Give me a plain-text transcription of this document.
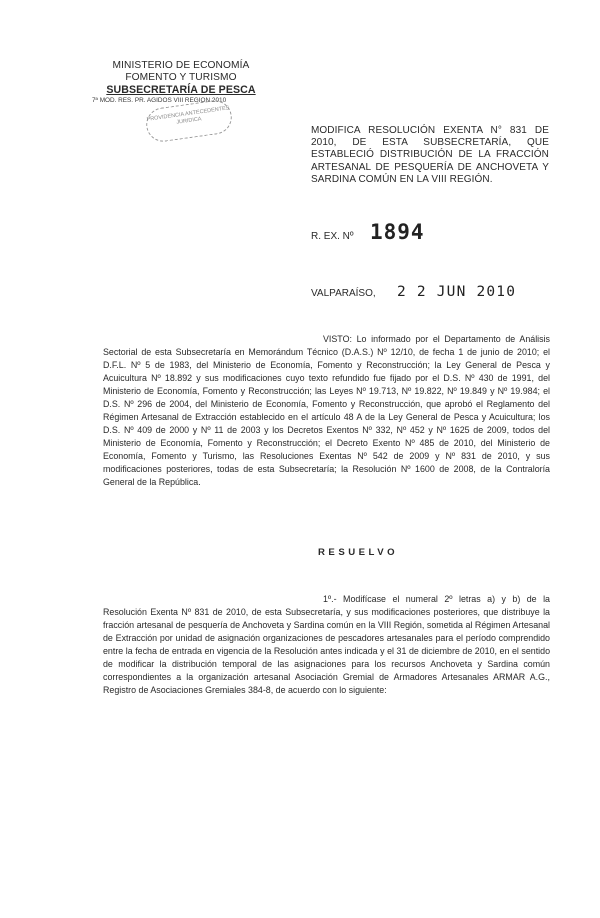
MINISTERIO DE ECONOMÍA
FOMENTO Y TURISMO
SUBSECRETARÍA DE PESCA
7ª MOD. RES. PR. AGIDOS VIII REGION 2010
PROVIDENCIA ANTECEDENTES JURIDICA
MODIFICA RESOLUCIÓN EXENTA N° 831 DE 2010, DE ESTA SUBSECRETARÍA, QUE ESTABLECIÓ DISTRIBUCIÓN DE LA FRACCIÓN ARTESANAL DE PESQUERÍA DE ANCHOVETA Y SARDINA COMÚN EN LA VIII REGIÓN.
R. EX. Nº 1894
VALPARAÍSO, 2 2 JUN 2010
VISTO: Lo informado por el Departamento de Análisis Sectorial de esta Subsecretaría en Memorándum Técnico (D.A.S.) Nº 12/10, de fecha 1 de junio de 2010; el D.F.L. Nº 5 de 1983, del Ministerio de Economía, Fomento y Reconstrucción; la Ley General de Pesca y Acuicultura Nº 18.892 y sus modificaciones cuyo texto refundido fue fijado por el D.S. Nº 430 de 1991, del Ministerio de Economía, Fomento y Reconstrucción; las Leyes Nº 19.713, Nº 19.822, Nº 19.849 y Nº 19.984; el D.S. Nº 296 de 2004, del Ministerio de Economía, Fomento y Reconstrucción, que aprobó el Reglamento del Régimen Artesanal de Extracción establecido en el artículo 48 A de la Ley General de Pesca y Acuicultura; los D.S. Nº 409 de 2000 y Nº 11 de 2003 y los Decretos Exentos Nº 332, Nº 452 y Nº 1625 de 2009, todos del Ministerio de Economía, Fomento y Reconstrucción; el Decreto Exento Nº 485 de 2010, del Ministerio de Economía, Fomento y Turismo, las Resoluciones Exentas Nº 542 de 2009 y Nº 831 de 2010, y sus modificaciones posteriores, todas de esta Subsecretaría; la Resolución Nº 1600 de 2008, de la Contraloría General de la República.
RESUELVO
1º.- Modifícase el numeral 2º letras a) y b) de la Resolución Exenta Nº 831 de 2010, de esta Subsecretaría, y sus modificaciones posteriores, que distribuye la fracción artesanal de pesquería de Anchoveta y Sardina común en la VIII Región, sometida al Régimen Artesanal de Extracción por unidad de asignación organizaciones de pescadores artesanales para el período comprendido entre la fecha de entrada en vigencia de la Resolución antes indicada y el 31 de diciembre de 2010, en el sentido de modificar la distribución temporal de las asignaciones para los recursos Anchoveta y Sardina común correspondientes a la organización artesanal Asociación Gremial de Armadores Artesanales ARMAR A.G., Registro de Asociaciones Gremiales 384-8, de acuerdo con lo siguiente:
